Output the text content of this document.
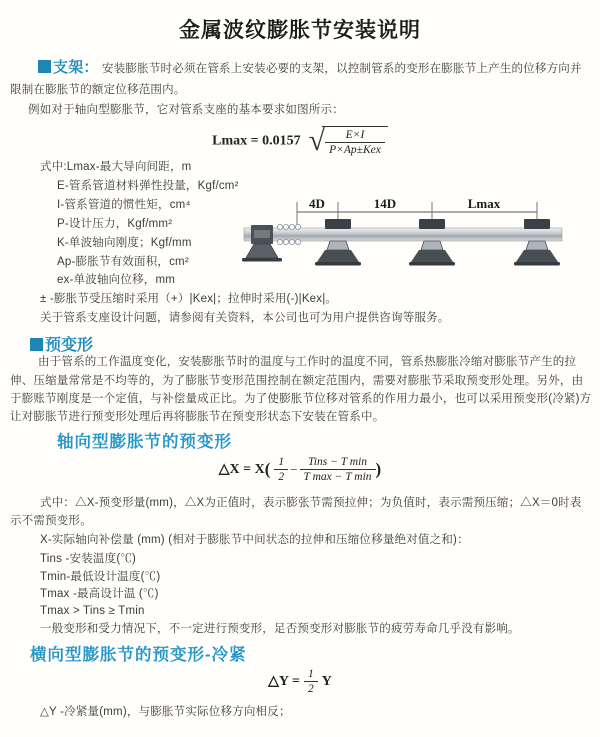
金属波纹膨胀节安装说明
支架： 安装膨胀节时必须在管系上安装必要的支架，以控制管系的变形在膨胀节上产生的位移方向并
限制在膨胀节的额定位移范围内。
例如对于轴向型膨胀节，它对管系支座的基本要求如图所示：
Lmax = 0.0157 √ $\frac{E\times I}{\text{P×Ap±Kex}}$
式中:Lmax-最大导向间距，m
E-管系管道材料弹性投量，Kgf/cm²
I-管系管道的惯性矩，cm⁴
P-设计压力，Kgf/mm²
K-单波轴向刚度；Kgf/mm
Ap-膨胀节有效面积，cm²
ex-单波轴向位移，mm
± -膨胀节受压缩时采用（+）|Kex|；拉伸时采用(-)|Kex|。
关于管系支座设计问题，请参阅有关资料，本公司也可为用户提供咨询等服务。
4D	14D	Lmax
预变形
由于管系的工作温度变化，安装膨胀节时的温度与工作时的温度不同，管系热膨胀冷缩对膨胀节产生的拉
伸、压缩量常常是不均等的，为了膨胀节变形范围控制在额定范围内，需要对膨胀节采取预变形处理。另外，由
于膨账节刚度是一个定值，与补偿量成正比。为了使膨胀节位移对管系的作用力最小，也可以采用预变形(冷紧)方
让对膨胀节进行预变形处理后再将膨胀节在预变形状态下安装在管系中。
轴向型膨胀节的预变形
△X = $X( \frac{1}{2} - \frac{\text{Tins − T min}}{\text{T max − T min}}$ )
式中：△X-预变形量(mm)，△X为正值时，表示膨张节需预拉伸；为负值时，表示需预压缩；△X＝0时表
示不需预变形。
X-实际轴向补偿量 (mm) (相对于膨胀节中间状态的拉伸和压缩位移量绝对值之和)：
Tins -安装温度(℃)
Tmin-最低设计温度(℃)
Tmax -最高设计温 (℃)
Tmax > Tins ≥ Tmin
一般变形和受力情况下，不一定进行预变形，足否预变形对膨胀节的疲劳寿命几乎没有影响。
横向型膨胀节的预变形-冷紧
△Y = $\frac{1}{2}$ Y
△Y -冷紧量(mm)，与膨胀节实际位移方向相反；
